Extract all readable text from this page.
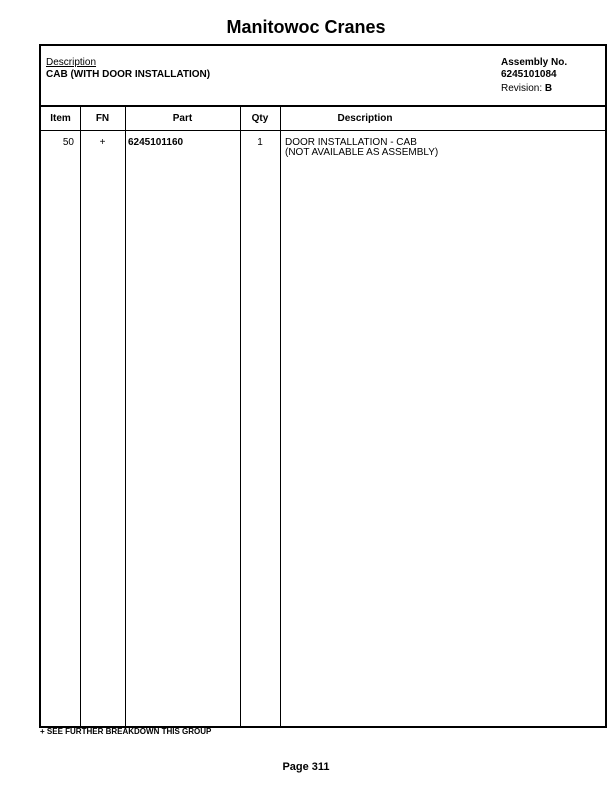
Manitowoc Cranes
Description
CAB (WITH DOOR INSTALLATION)
Assembly No.
6245101084
Revision: B
Item	FN	Part	Qty	Description
50	+	6245101160	1	DOOR INSTALLATION - CAB
(NOT AVAILABLE AS ASSEMBLY)
+ SEE FURTHER BREAKDOWN THIS GROUP
Page 311
